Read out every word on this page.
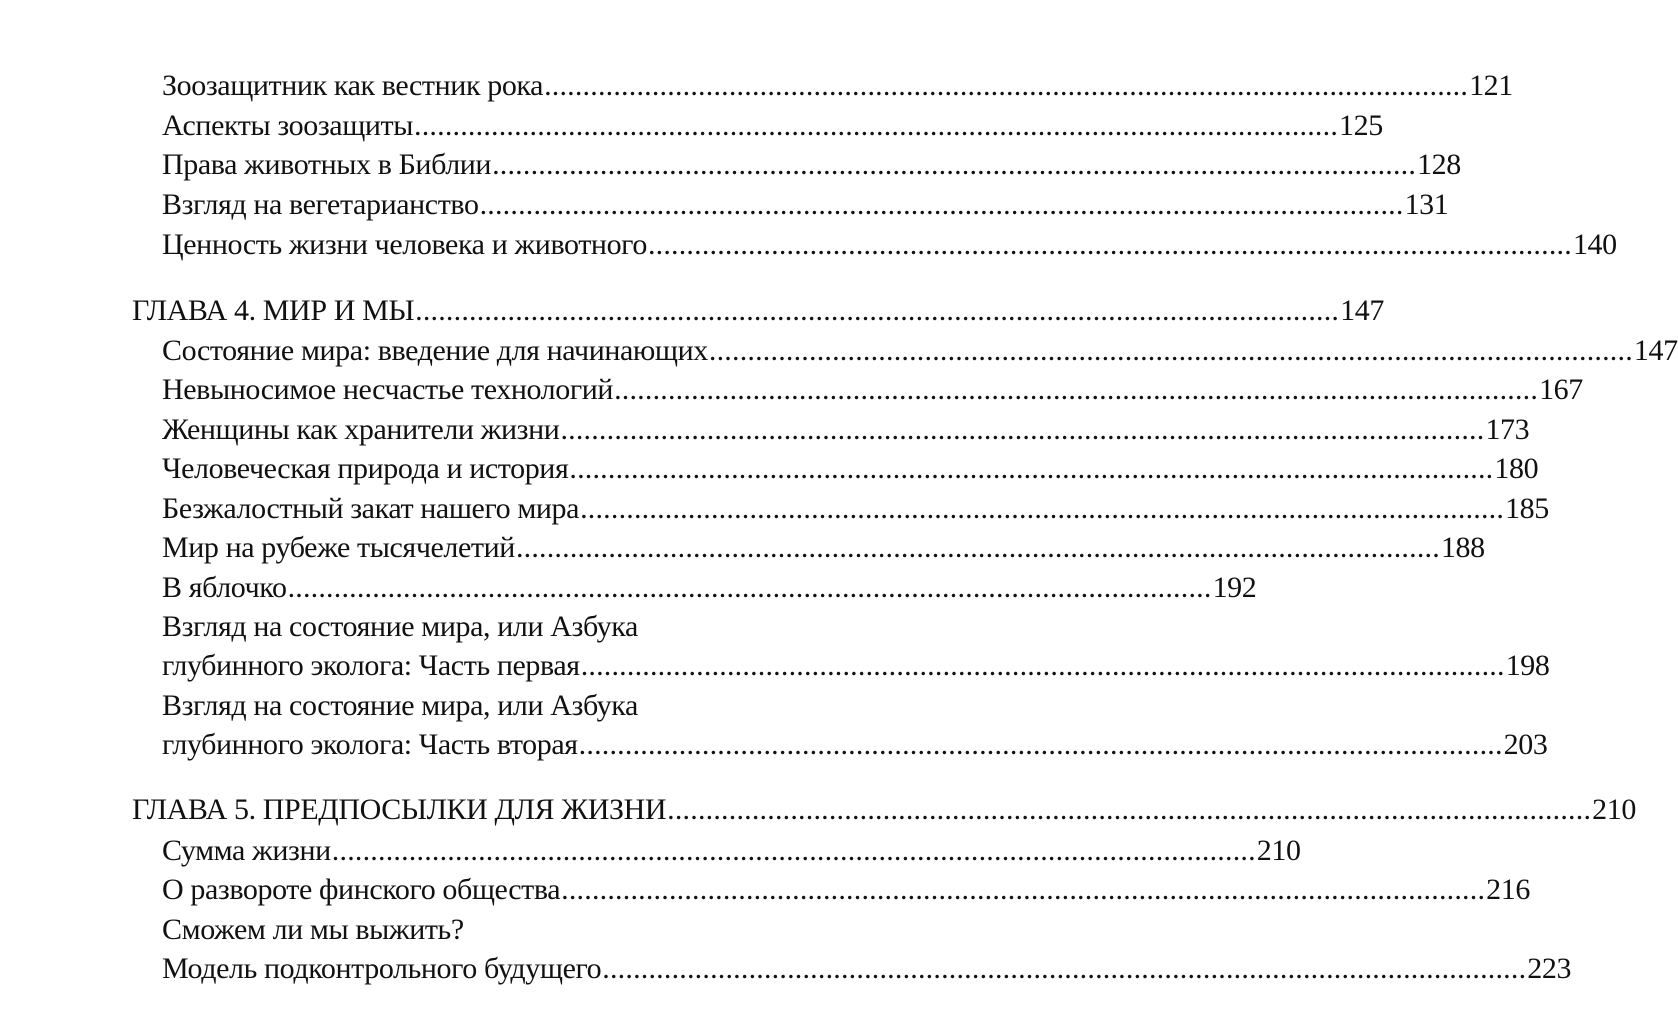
Зоозащитник как вестник рока ........................................................................................................................ 121
Аспекты зоозащиты ........................................................................................................................ 125
Права животных в Библии ........................................................................................................................ 128
Взгляд на вегетарианство ........................................................................................................................ 131
Ценность жизни человека и животного ........................................................................................................................ 140
ГЛАВА 4. МИР И МЫ ........................................................................................................................ 147
Состояние мира: введение для начинающих ........................................................................................................................ 147
Невыносимое несчастье технологий ........................................................................................................................ 167
Женщины как хранители жизни ........................................................................................................................ 173
Человеческая природа и история ........................................................................................................................ 180
Безжалостный закат нашего мира ........................................................................................................................ 185
Мир на рубеже тысячелетий ........................................................................................................................ 188
В яблочко ........................................................................................................................ 192
Взгляд на состояние мира, или Азбука
глубинного эколога: Часть первая ........................................................................................................................ 198
Взгляд на состояние мира, или Азбука
глубинного эколога: Часть вторая ........................................................................................................................ 203
ГЛАВА 5. ПРЕДПОСЫЛКИ ДЛЯ ЖИЗНИ ........................................................................................................................ 210
Сумма жизни ........................................................................................................................ 210
О развороте финского общества ........................................................................................................................ 216
Сможем ли мы выжить?
Модель подконтрольного будущего ........................................................................................................................ 223
